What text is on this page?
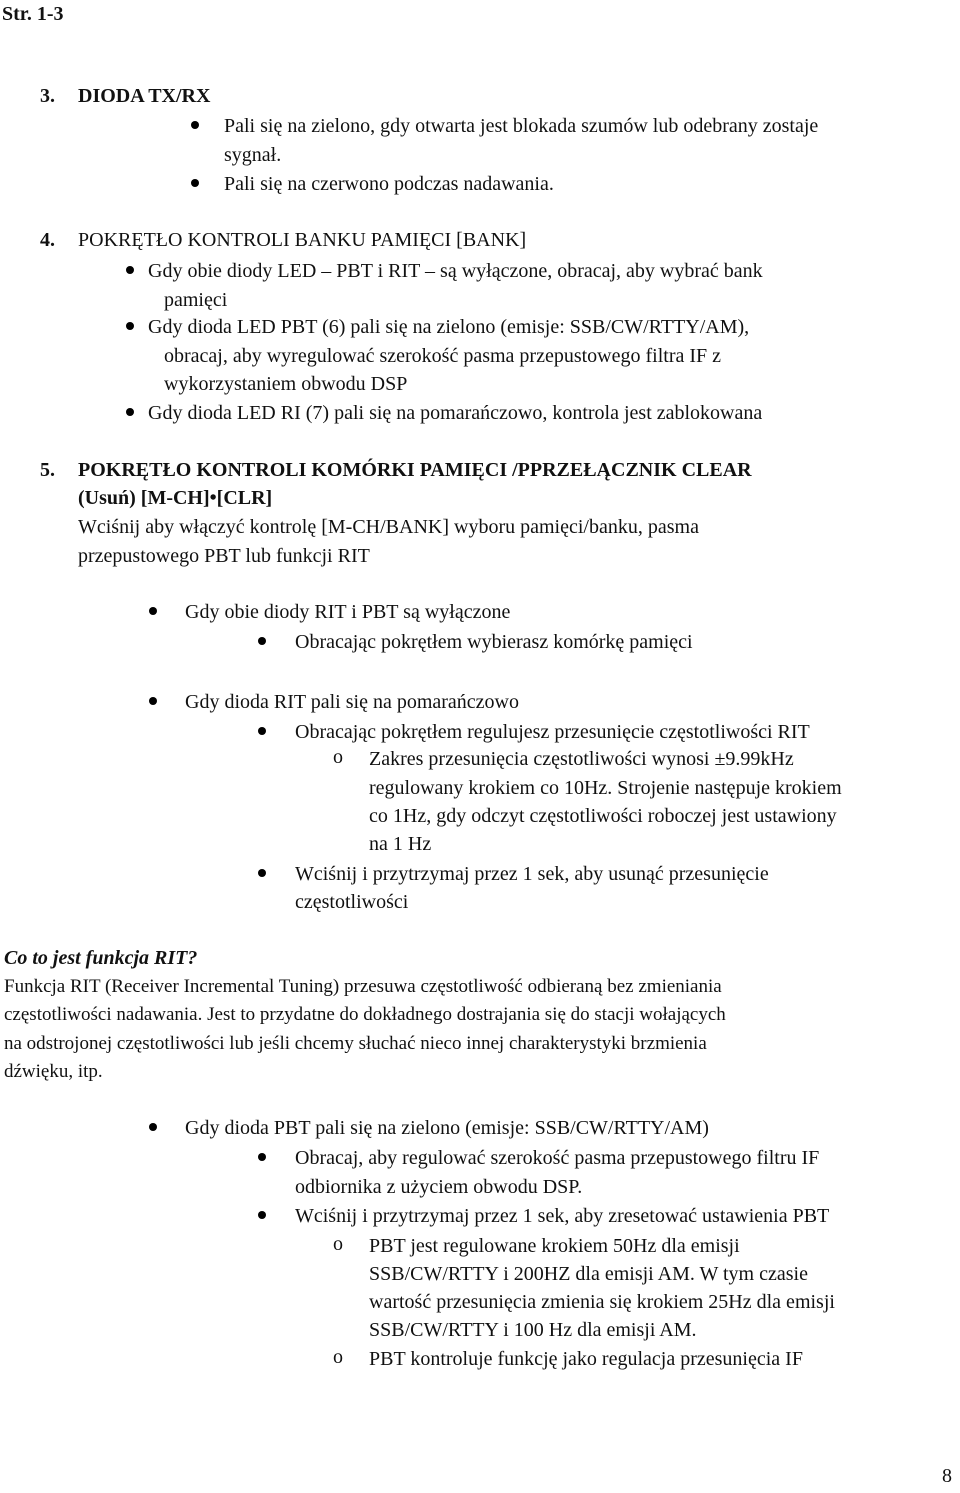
Str. 1-3
3. DIODA TX/RX
Pali się na zielono, gdy otwarta jest blokada szumów lub odebrany zostaje
sygnał.
Pali się na czerwono podczas nadawania.
4. POKRĘTŁO KONTROLI BANKU PAMIĘCI [BANK]
Gdy obie diody LED – PBT i RIT – są wyłączone, obracaj, aby wybrać bank
pamięci
Gdy dioda LED PBT (6) pali się na zielono (emisje: SSB/CW/RTTY/AM),
obracaj, aby wyregulować szerokość pasma przepustowego filtra IF z
wykorzystaniem obwodu DSP
Gdy dioda LED RI (7) pali się na pomarańczowo, kontrola jest zablokowana
5. POKRĘTŁO KONTROLI KOMÓRKI PAMIĘCI /PPRZEŁĄCZNIK CLEAR
(Usuń) [M-CH]•[CLR]
Wciśnij aby włączyć kontrolę [M-CH/BANK] wyboru pamięci/banku, pasma
przepustowego PBT lub funkcji RIT
Gdy obie diody RIT i PBT są wyłączone
Obracając pokrętłem wybierasz komórkę pamięci
Gdy dioda RIT pali się na pomarańczowo
Obracając pokrętłem regulujesz przesunięcie częstotliwości RIT
o Zakres przesunięcia częstotliwości wynosi ±9.99kHz
regulowany krokiem co 10Hz. Strojenie następuje krokiem
co 1Hz, gdy odczyt częstotliwości roboczej jest ustawiony
na 1 Hz
Wciśnij i przytrzymaj przez 1 sek, aby usunąć przesunięcie
częstotliwości
Co to jest funkcja RIT?
Funkcja RIT (Receiver Incremental Tuning) przesuwa częstotliwość odbieraną bez zmieniania
częstotliwości nadawania. Jest to przydatne do dokładnego dostrajania się do stacji wołających
na odstrojonej częstotliwości lub jeśli chcemy słuchać nieco innej charakterystyki brzmienia
dźwięku, itp.
Gdy dioda PBT pali się na zielono (emisje: SSB/CW/RTTY/AM)
Obracaj, aby regulować szerokość pasma przepustowego filtru IF
odbiornika z użyciem obwodu DSP.
Wciśnij i przytrzymaj przez 1 sek, aby zresetować ustawienia PBT
o PBT jest regulowane krokiem 50Hz dla emisji
SSB/CW/RTTY i 200HZ dla emisji AM. W tym czasie
wartość przesunięcia zmienia się krokiem 25Hz dla emisji
SSB/CW/RTTY i 100 Hz dla emisji AM.
o PBT kontroluje funkcję jako regulacja przesunięcia IF
8
